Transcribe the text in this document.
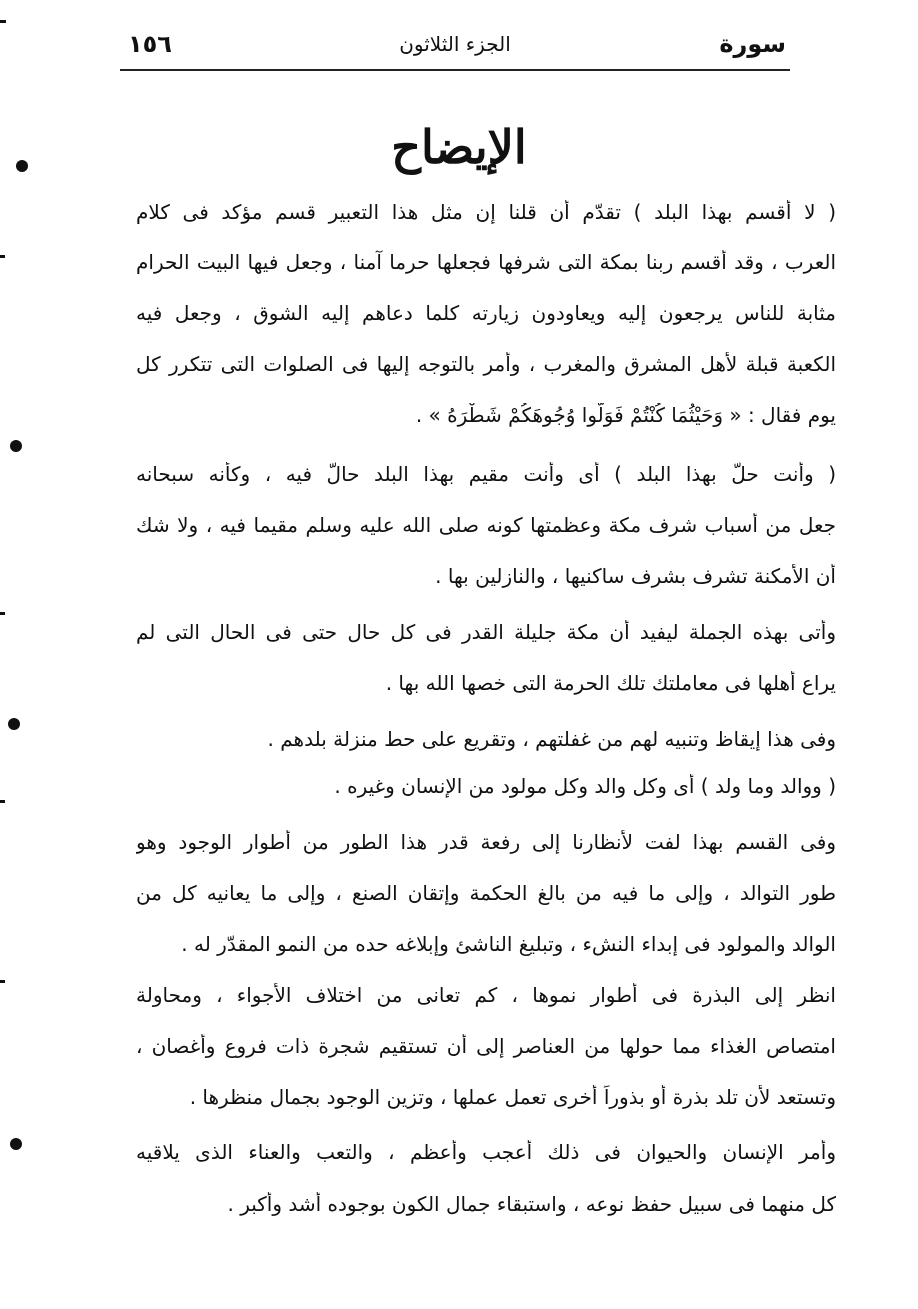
١٥٦	الجزء الثلاثون	سورة
الإيضاح
( لا أقسم بهذا البلد ) تقدّم أن قلنا إن مثل هذا التعبير قسم مؤكد فى كلام
العرب ، وقد أقسم ربنا بمكة التى شرفها فجعلها حرما آمنا ، وجعل فيها البيت الحرام
مثابة للناس يرجعون إليه ويعاودون زيارته كلما دعاهم إليه الشوق ، وجعل فيه
الكعبة قبلة لأهل المشرق والمغرب ، وأمر بالتوجه إليها فى الصلوات التى تتكرر كل
يوم فقال : « وَحَيْثُمَا كُنْتُمْ فَوَلُّوا وُجُوهَكُمْ شَطْرَهُ » .
( وأنت حلّ بهذا البلد ) أى وأنت مقيم بهذا البلد حالّ فيه ، وكأنه سبحانه
جعل من أسباب شرف مكة وعظمتها كونه صلى الله عليه وسلم مقيما فيه ، ولا شك
أن الأمكنة تشرف بشرف ساكنيها ، والنازلين بها .
وأتى بهذه الجملة ليفيد أن مكة جليلة القدر فى كل حال حتى فى الحال التى لم
يراع أهلها فى معاملتك تلك الحرمة التى خصها الله بها .
وفى هذا إيقاظ وتنبيه لهم من غفلتهم ، وتقريع على حط منزلة بلدهم .
( ووالد وما ولد ) أى وكل والد وكل مولود من الإنسان وغيره .
وفى القسم بهذا لفت لأنظارنا إلى رفعة قدر هذا الطور من أطوار الوجود وهو
طور التوالد ، وإلى ما فيه من بالغ الحكمة وإتقان الصنع ، وإلى ما يعانيه كل من
الوالد والمولود فى إبداء النشء ، وتبليغ الناشئ وإبلاغه حده من النمو المقدّر له .
انظر إلى البذرة فى أطوار نموها ، كم تعانى من اختلاف الأجواء ، ومحاولة
امتصاص الغذاء مما حولها من العناصر إلى أن تستقيم شجرة ذات فروع وأغصان ،
وتستعد لأن تلد بذرة أو بذوراً أخرى تعمل عملها ، وتزين الوجود بجمال منظرها .
وأمر الإنسان والحيوان فى ذلك أعجب وأعظم ، والتعب والعناء الذى يلاقيه
كل منهما فى سبيل حفظ نوعه ، واستبقاء جمال الكون بوجوده أشد وأكبر .
